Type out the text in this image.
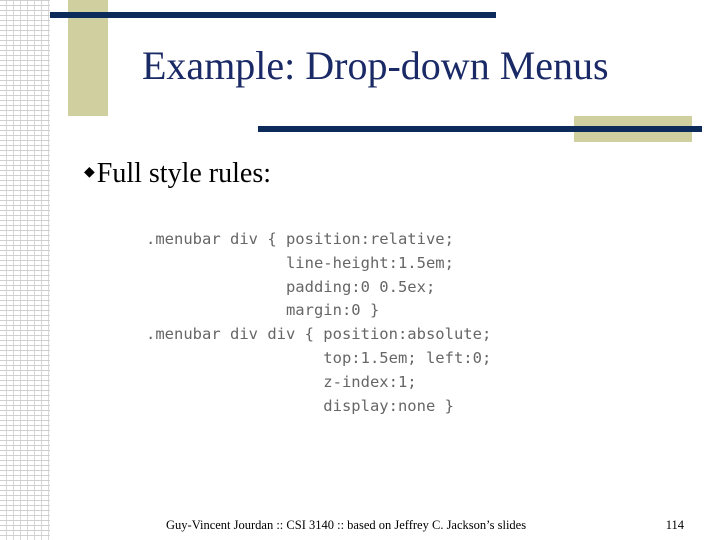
Example: Drop-down Menus
◆Full style rules:
.menubar div { position:relative;
line-height:1.5em;
padding:0 0.5ex;
margin:0 }
.menubar div div { position:absolute;
top:1.5em; left:0;
z-index:1;
display:none }
Guy-Vincent Jourdan :: CSI 3140 :: based on Jeffrey C. Jackson’s slides	114
